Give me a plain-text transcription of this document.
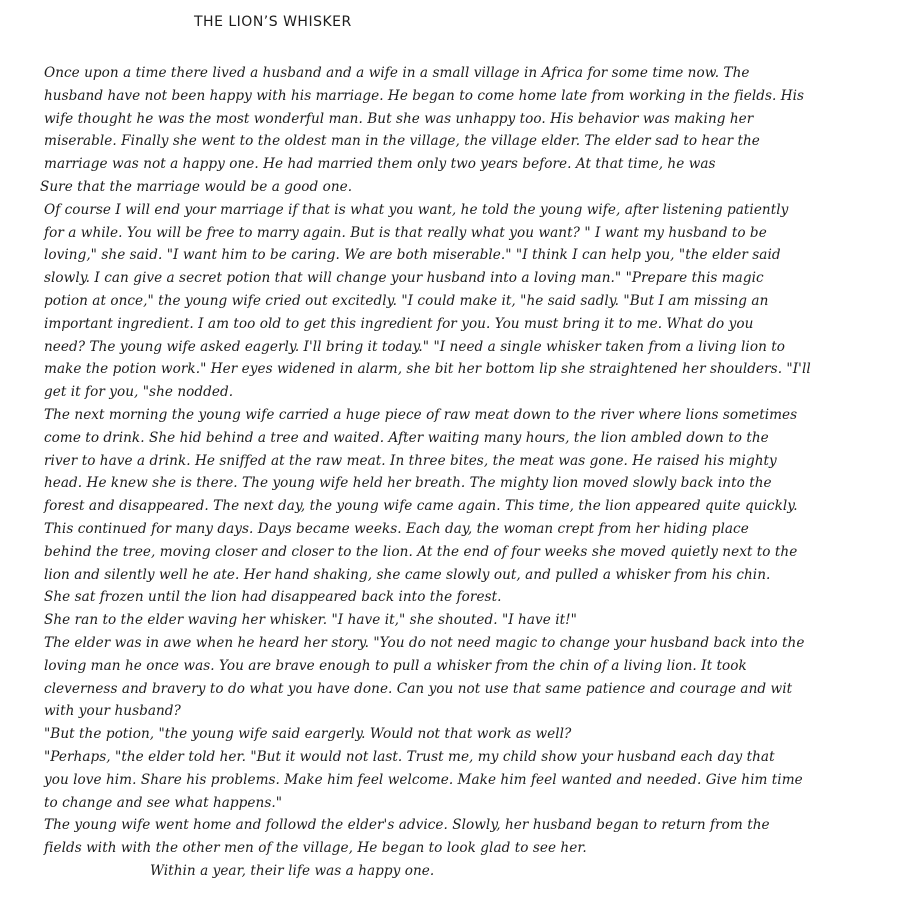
THE LION’S WHISKER
Once upon a time there lived a husband and a wife in a small village in Africa for some time now. The
husband have not been happy with his marriage. He began to come home late from working in the fields. His
wife thought he was the most wonderful man. But she was unhappy too. His behavior was making her
miserable. Finally she went to the oldest man in the village, the village elder. The elder sad to hear the
marriage was not a happy one. He had married them only two years before. At that time, he was
Sure that the marriage would be a good one.
Of course I will end your marriage if that is what you want, he told the young wife, after listening patiently
for a while. You will be free to marry again. But is that really what you want? " I want my husband to be
loving," she said. "I want him to be caring. We are both miserable." "I think I can help you, "the elder said
slowly. I can give a secret potion that will change your husband into a loving man." "Prepare this magic
potion at once," the young wife cried out excitedly. "I could make it, "he said sadly. "But I am missing an
important ingredient. I am too old to get this ingredient for you. You must bring it to me. What do you
need? The young wife asked eagerly. I'll bring it today." "I need a single whisker taken from a living lion to
make the potion work." Her eyes widened in alarm, she bit her bottom lip she straightened her shoulders. "I'll
get it for you, "she nodded.
The next morning the young wife carried a huge piece of raw meat down to the river where lions sometimes
come to drink. She hid behind a tree and waited. After waiting many hours, the lion ambled down to the
river to have a drink. He sniffed at the raw meat. In three bites, the meat was gone. He raised his mighty
head. He knew she is there. The young wife held her breath. The mighty lion moved slowly back into the
forest and disappeared. The next day, the young wife came again. This time, the lion appeared quite quickly.
This continued for many days. Days became weeks. Each day, the woman crept from her hiding place
behind the tree, moving closer and closer to the lion. At the end of four weeks she moved quietly next to the
lion and silently well he ate. Her hand shaking, she came slowly out, and pulled a whisker from his chin.
She sat frozen until the lion had disappeared back into the forest.
She ran to the elder waving her whisker. "I have it," she shouted. "I have it!"
The elder was in awe when he heard her story. "You do not need magic to change your husband back into the
loving man he once was. You are brave enough to pull a whisker from the chin of a living lion. It took
cleverness and bravery to do what you have done. Can you not use that same patience and courage and wit
with your husband?
"But the potion, "the young wife said eargerly. Would not that work as well?
"Perhaps, "the elder told her. "But it would not last. Trust me, my child show your husband each day that
you love him. Share his problems. Make him feel welcome. Make him feel wanted and needed. Give him time
to change and see what happens."
The young wife went home and followd the elder's advice. Slowly, her husband began to return from the
fields with with the other men of the village, He began to look glad to see her.
Within a year, their life was a happy one.
